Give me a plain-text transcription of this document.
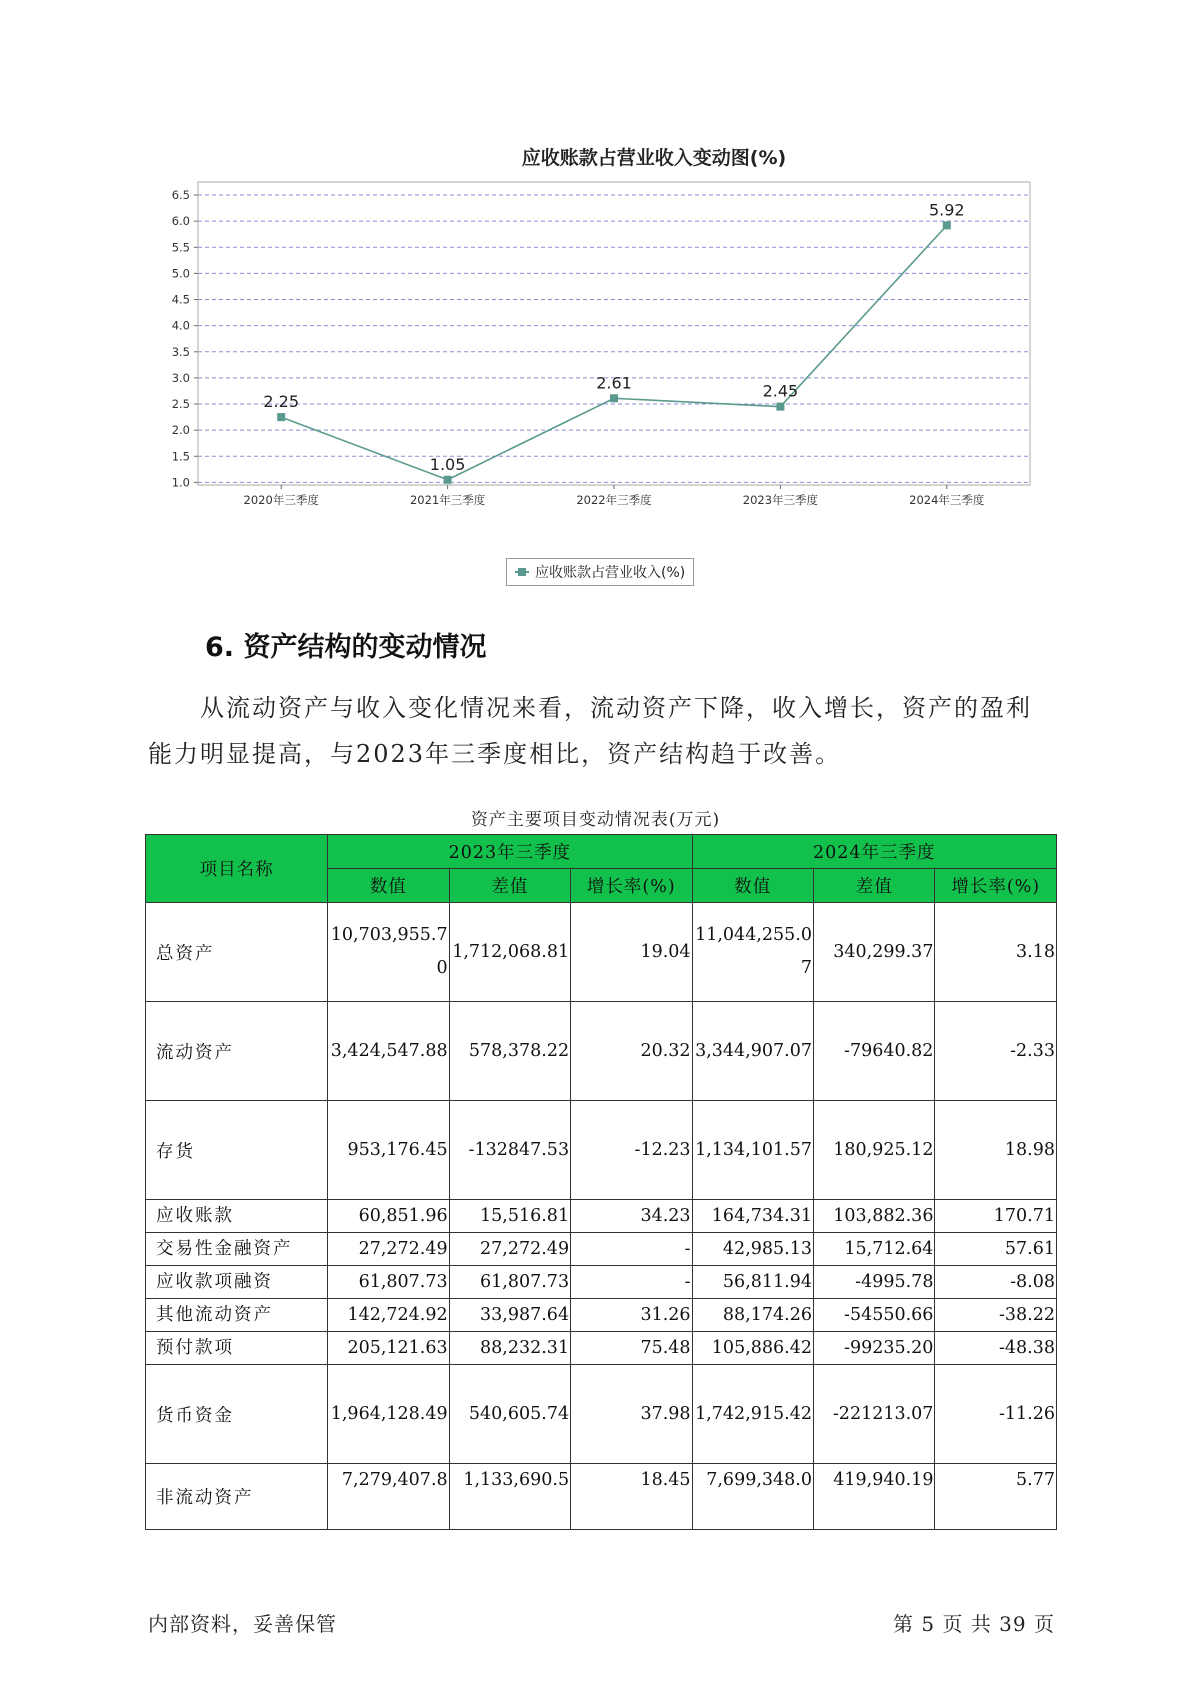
应收账款占营业收入变动图(%)
1.0
1.5
2.0
2.5
3.0
3.5
4.0
4.5
5.0
5.5
6.0
6.5
2020年三季度	2021年三季度	2022年三季度	2023年三季度	2024年三季度
2.25
1.05
2.61	2.45
5.92
应收账款占营业收入(%)
6. 资产结构的变动情况

从流动资产与收入变化情况来看，流动资产下降，收入增长，资产的盈利能力明显提高，与2023年三季度相比，资产结构趋于改善。

资产主要项目变动情况表(万元)
项目名称	2023年三季度			2024年三季度		
	数值	差值	增长率(%)	数值	差值	增长率(%)
总资产	10,703,955.70	1,712,068.81	19.04	11,044,255.07	340,299.37	3.18
流动资产	3,424,547.88	578,378.22	20.32	3,344,907.07	-79640.82	-2.33
存货	953,176.45	-132847.53	-12.23	1,134,101.57	180,925.12	18.98
应收账款	60,851.96	15,516.81	34.23	164,734.31	103,882.36	170.71
交易性金融资产	27,272.49	27,272.49	-	42,985.13	15,712.64	57.61
应收款项融资	61,807.73	61,807.73	-	56,811.94	-4995.78	-8.08
其他流动资产	142,724.92	33,987.64	31.26	88,174.26	-54550.66	-38.22
预付款项	205,121.63	88,232.31	75.48	105,886.42	-99235.20	-48.38
货币资金	1,964,128.49	540,605.74	37.98	1,742,915.42	-221213.07	-11.26
非流动资产	7,279,407.8	1,133,690.5	18.45	7,699,348.0	419,940.19	5.77
内部资料，妥善保管	第 5 页 共 39 页
